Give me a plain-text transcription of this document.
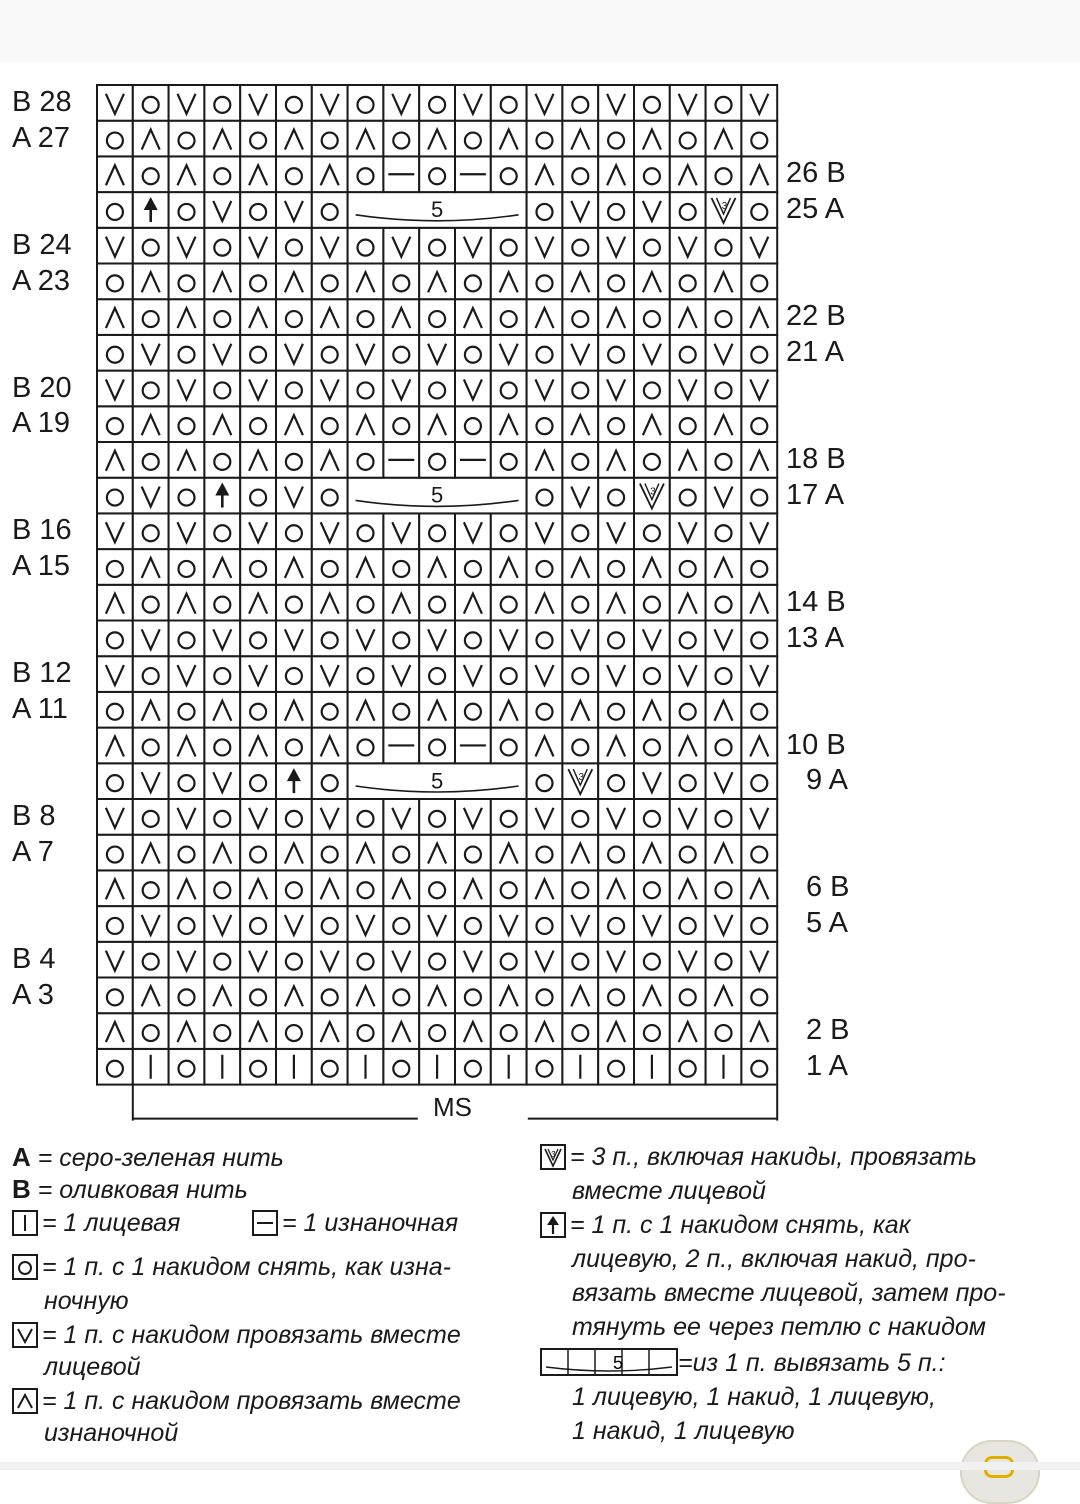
5	3
5	3
5	3
B 28
A 27
B 24
A 23
B 20
A 19
B 16
A 15
B 12
A 11
B 8
A 7
B 4
A 3
26 B
25 A
22 B
21 A
18 B
17 A
14 B
13 A
10 B
9 A
6 B
5 A
2 B
1 A
MS
A = серо-зеленая нить
B = оливковая нить
= 1 лицевая	= 1 изнаночная
= 1 п. с 1 накидом снять, как изна-
ночную
= 1 п. с накидом провязать вместе
лицевой
= 1 п. с накидом провязать вместе
изнаночной
3 = 3 п., включая накиды, провязать
вместе лицевой
= 1 п. с 1 накидом снять, как
лицевую, 2 п., включая накид, про-
вязать вместе лицевой, затем про-
тянуть ее через петлю с накидом
5 =из 1 п. вывязать 5 п.:
1 лицевую, 1 накид, 1 лицевую,
1 накид, 1 лицевую
